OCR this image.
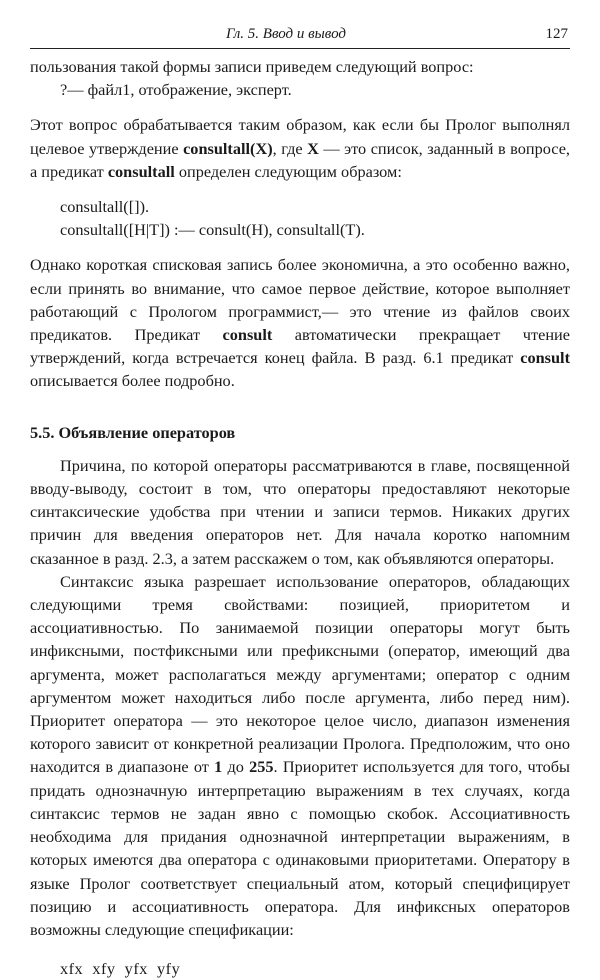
Гл. 5. Ввод и вывод	127

пользования такой формы записи приведем следующий вопрос:

?— файл1, отображение, эксперт.

Этот вопрос обрабатывается таким образом, как если бы Пролог выполнял целевое утверждение consultall(X), где X — это список, заданный в вопросе, а предикат consultall определен следующим образом:

consultall([]).

consultall([H|T]) :— consult(H), consultall(T).

Однако короткая списковая запись более экономична, а это особенно важно, если принять во внимание, что самое первое действие, которое выполняет работающий с Прологом программист,— это чтение из файлов своих предикатов. Предикат consult автоматически прекращает чтение утверждений, когда встречается конец файла. В разд. 6.1 предикат consult описывается более подробно.

5.5. Объявление операторов

Причина, по которой операторы рассматриваются в главе, посвященной вводу-выводу, состоит в том, что операторы предоставляют некоторые синтаксические удобства при чтении и записи термов. Никаких других причин для введения операторов нет. Для начала коротко напомним сказанное в разд. 2.3, а затем расскажем о том, как объявляются операторы.

Синтаксис языка разрешает использование операторов, обладающих следующими тремя свойствами: позицией, приоритетом и ассоциативностью. По занимаемой позиции операторы могут быть инфиксными, постфиксными или префиксными (оператор, имеющий два аргумента, может располагаться между аргументами; оператор с одним аргументом может находиться либо после аргумента, либо перед ним). Приоритет оператора — это некоторое целое число, диапазон изменения которого зависит от конкретной реализации Пролога. Предположим, что оно находится в диапазоне от 1 до 255. Приоритет используется для того, чтобы придать однозначную интерпретацию выражениям в тех случаях, когда синтаксис термов не задан явно с помощью скобок. Ассоциативность необходима для придания однозначной интерпретации выражениям, в которых имеются два оператора с одинаковыми приоритетами. Оператору в языке Пролог соответствует специальный атом, который специфицирует позицию и ассоциативность оператора. Для инфиксных операторов возможны следующие спецификации:

xfx  xfy  yfx  yfy
